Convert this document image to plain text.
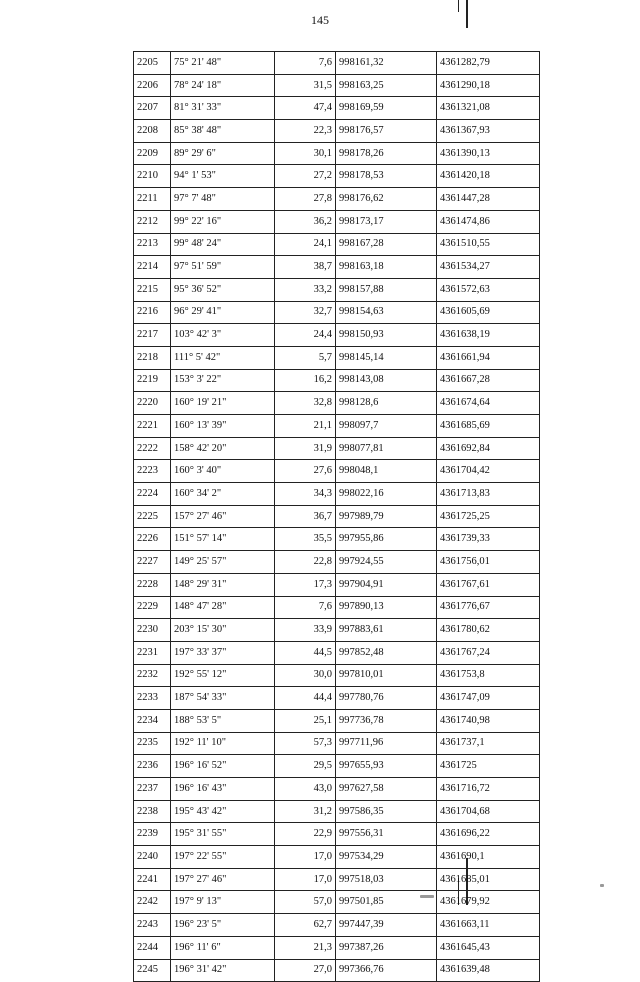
145
2205	75° 21' 48"	7,6	998161,32	4361282,79
2206	78° 24' 18"	31,5	998163,25	4361290,18
2207	81° 31' 33"	47,4	998169,59	4361321,08
2208	85° 38' 48"	22,3	998176,57	4361367,93
2209	89° 29' 6"	30,1	998178,26	4361390,13
2210	94° 1' 53"	27,2	998178,53	4361420,18
2211	97° 7' 48"	27,8	998176,62	4361447,28
2212	99° 22' 16"	36,2	998173,17	4361474,86
2213	99° 48' 24"	24,1	998167,28	4361510,55
2214	97° 51' 59"	38,7	998163,18	4361534,27
2215	95° 36' 52"	33,2	998157,88	4361572,63
2216	96° 29' 41"	32,7	998154,63	4361605,69
2217	103° 42' 3"	24,4	998150,93	4361638,19
2218	111° 5' 42"	5,7	998145,14	4361661,94
2219	153° 3' 22"	16,2	998143,08	4361667,28
2220	160° 19' 21"	32,8	998128,6	4361674,64
2221	160° 13' 39"	21,1	998097,7	4361685,69
2222	158° 42' 20"	31,9	998077,81	4361692,84
2223	160° 3' 40"	27,6	998048,1	4361704,42
2224	160° 34' 2"	34,3	998022,16	4361713,83
2225	157° 27' 46"	36,7	997989,79	4361725,25
2226	151° 57' 14"	35,5	997955,86	4361739,33
2227	149° 25' 57"	22,8	997924,55	4361756,01
2228	148° 29' 31"	17,3	997904,91	4361767,61
2229	148° 47' 28"	7,6	997890,13	4361776,67
2230	203° 15' 30"	33,9	997883,61	4361780,62
2231	197° 33' 37"	44,5	997852,48	4361767,24
2232	192° 55' 12"	30,0	997810,01	4361753,8
2233	187° 54' 33"	44,4	997780,76	4361747,09
2234	188° 53' 5"	25,1	997736,78	4361740,98
2235	192° 11' 10"	57,3	997711,96	4361737,1
2236	196° 16' 52"	29,5	997655,93	4361725
2237	196° 16' 43"	43,0	997627,58	4361716,72
2238	195° 43' 42"	31,2	997586,35	4361704,68
2239	195° 31' 55"	22,9	997556,31	4361696,22
2240	197° 22' 55"	17,0	997534,29	4361690,1
2241	197° 27' 46"	17,0	997518,03	4361685,01
2242	197° 9' 13"	57,0	997501,85	4361679,92
2243	196° 23' 5"	62,7	997447,39	4361663,11
2244	196° 11' 6"	21,3	997387,26	4361645,43
2245	196° 31' 42"	27,0	997366,76	4361639,48
